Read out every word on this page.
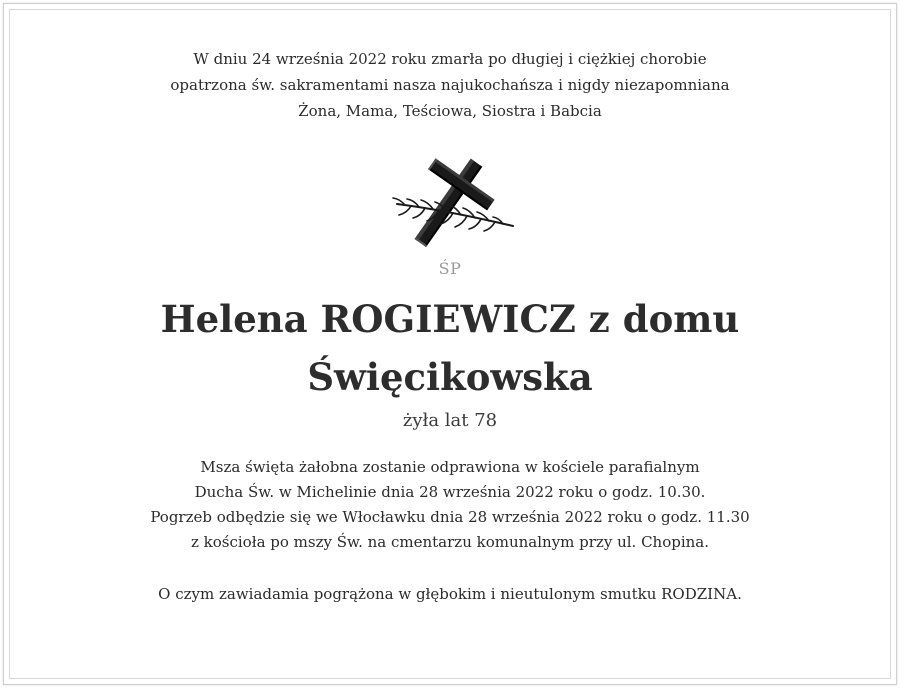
W dniu 24 września 2022 roku zmarła po długiej i ciężkiej chorobie

opatrzona św. sakramentami nasza najukochańsza i nigdy niezapomniana

Żona, Mama, Teściowa, Siostra i Babcia

ŚP

Helena ROGIEWICZ z domu

Święcikowska

żyła lat 78

Msza święta żałobna zostanie odprawiona w kościele parafialnym

Ducha Św. w Michelinie dnia 28 września 2022 roku o godz. 10.30.

Pogrzeb odbędzie się we Włocławku dnia 28 września 2022 roku o godz. 11.30

z kościoła po mszy Św. na cmentarzu komunalnym przy ul. Chopina.

O czym zawiadamia pogrążona w głębokim i nieutulonym smutku RODZINA.
